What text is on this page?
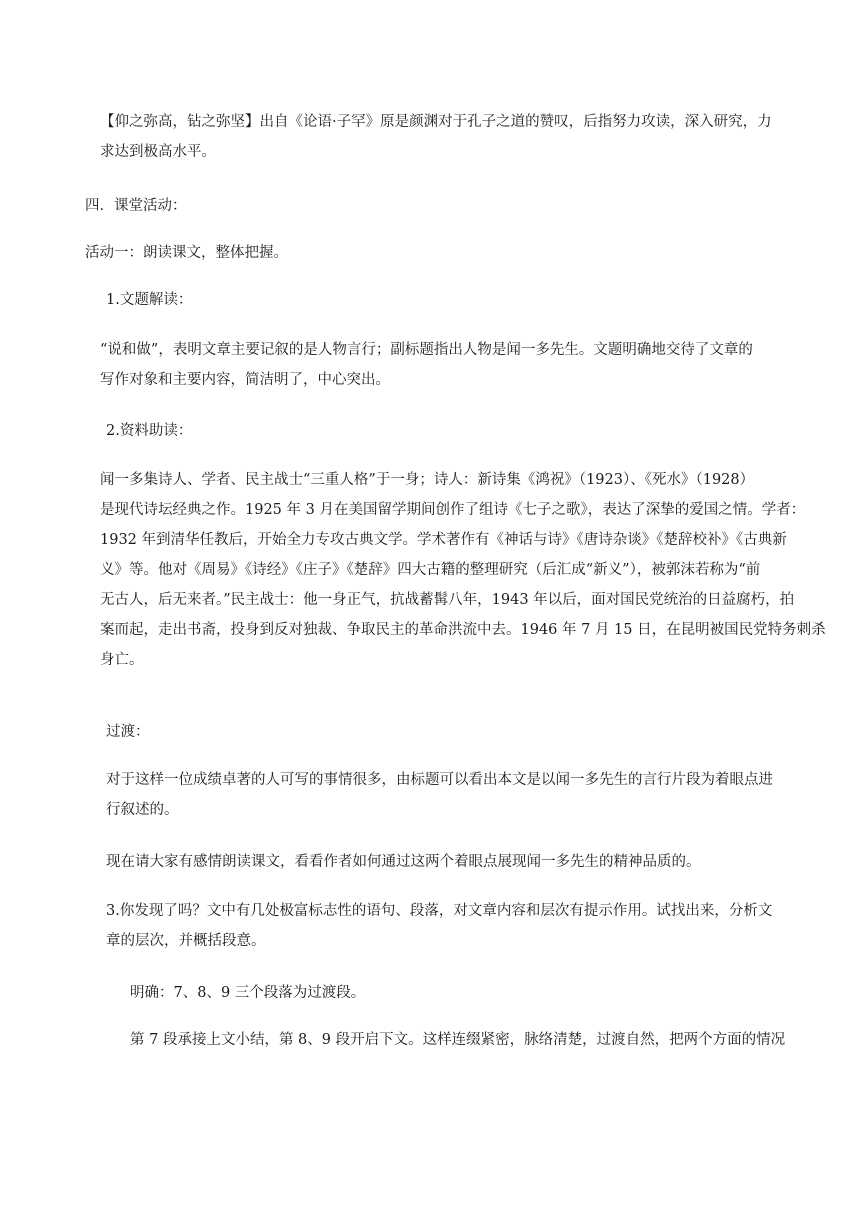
【仰之弥高，钻之弥坚】出自《论语·子罕》原是颜渊对于孔子之道的赞叹，后指努力攻读，深入研究，力
求达到极高水平。

四．课堂活动：

活动一：朗读课文，整体把握。

1.文题解读：

“说和做”，表明文章主要记叙的是人物言行；副标题指出人物是闻一多先生。文题明确地交待了文章的
写作对象和主要内容，简洁明了，中心突出。

2.资料助读：

闻一多集诗人、学者、民主战士“三重人格”于一身；诗人：新诗集《鸿祝》（1923）、《死水》（1928）
是现代诗坛经典之作。1925 年 3 月在美国留学期间创作了组诗《七子之歌》，表达了深挚的爱国之情。学者：
1932 年到清华任教后，开始全力专攻古典文学。学术著作有《神话与诗》《唐诗杂谈》《楚辞校补》《古典新
义》等。他对《周易》《诗经》《庄子》《楚辞》四大古籍的整理研究（后汇成“新义”），被郭沫若称为“前
无古人，后无来者。”民主战士：他一身正气，抗战蓄髯八年，1943 年以后，面对国民党统治的日益腐朽，拍
案而起，走出书斋，投身到反对独裁、争取民主的革命洪流中去。1946 年 7 月 15 日，在昆明被国民党特务刺杀
身亡。

过渡：

对于这样一位成绩卓著的人可写的事情很多，由标题可以看出本文是以闻一多先生的言行片段为着眼点进
行叙述的。

现在请大家有感情朗读课文，看看作者如何通过这两个着眼点展现闻一多先生的精神品质的。

3.你发现了吗？文中有几处极富标志性的语句、段落，对文章内容和层次有提示作用。试找出来，分析文
章的层次，并概括段意。

明确：7、8、9 三个段落为过渡段。

第 7 段承接上文小结，第 8、9 段开启下文。这样连缀紧密，脉络清楚，过渡自然，把两个方面的情况
